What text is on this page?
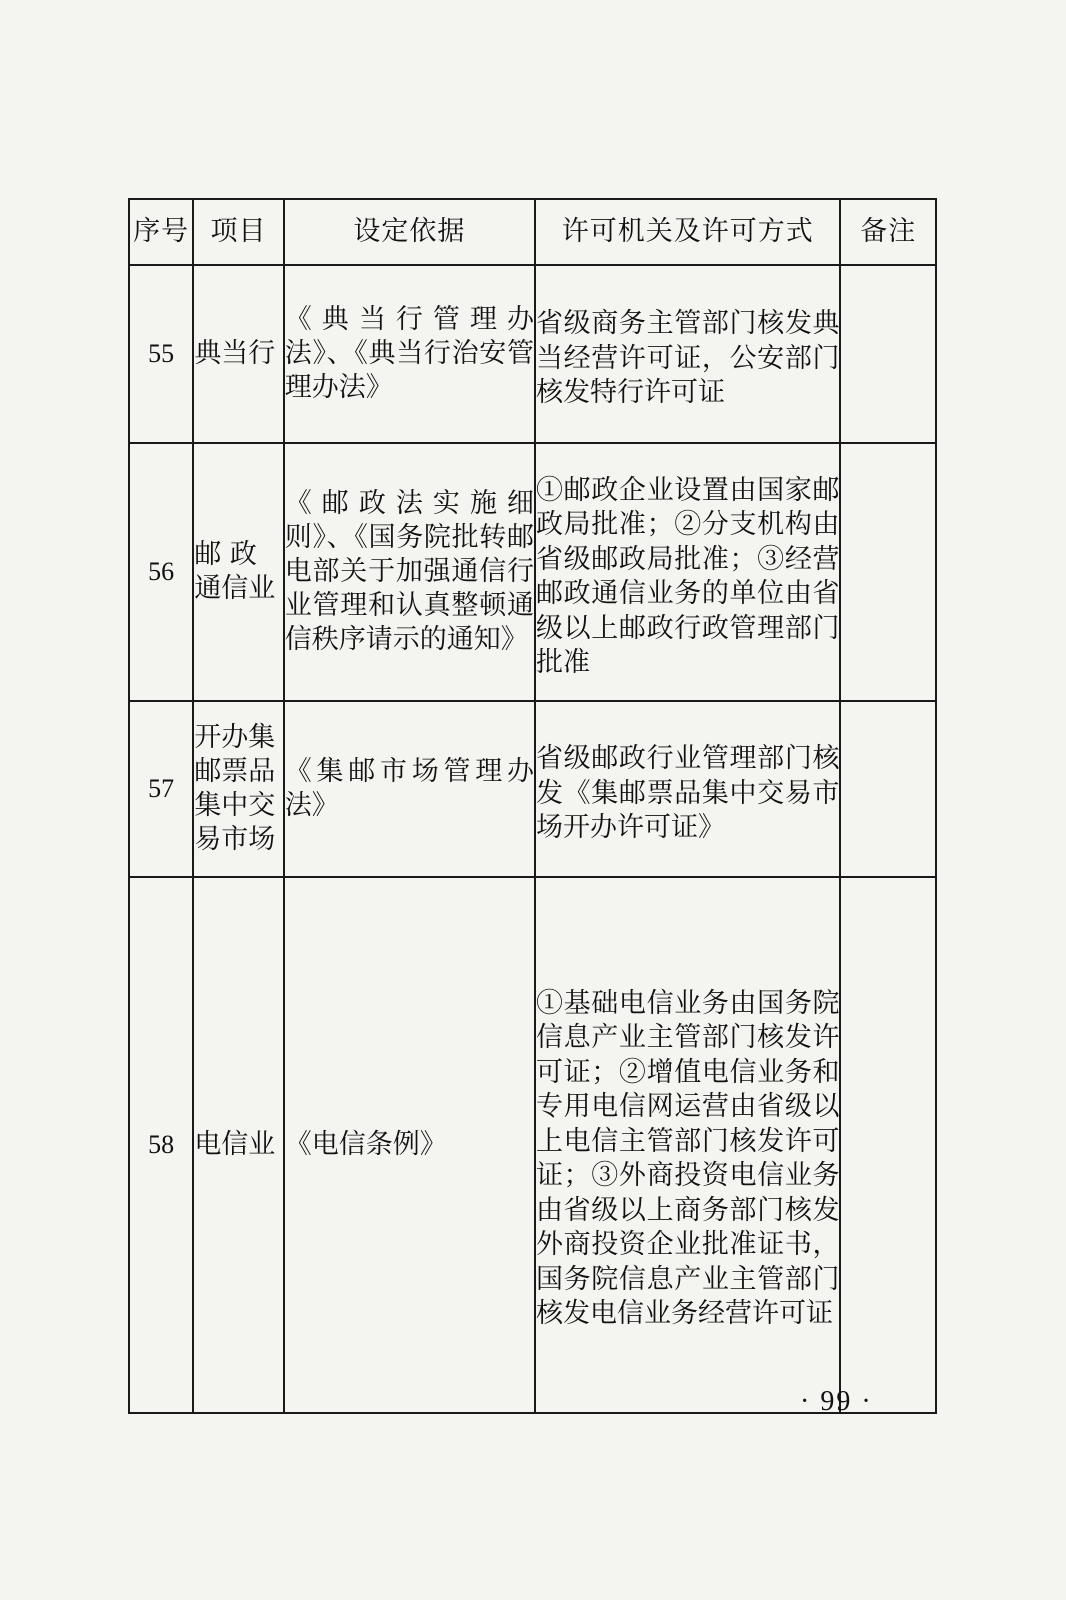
序号	项目	设定依据	许可机关及许可方式	备注
55	典当行	《典当行管理办法》、《典当行治安管理办法》	省级商务主管部门核发典当经营许可证，公安部门核发特行许可证	
56	邮 政 通信业	《邮政法实施细则》、《国务院批转邮电部关于加强通信行业管理和认真整顿通信秩序请示的通知》	①邮政企业设置由国家邮政局批准；②分支机构由省级邮政局批准；③经营邮政通信业务的单位由省级以上邮政行政管理部门批准	
57	开办集邮票品集中交易市场	《集邮市场管理办法》	省级邮政行业管理部门核发《集邮票品集中交易市场开办许可证》	
58	电信业	《电信条例》	①基础电信业务由国务院信息产业主管部门核发许可证；②增值电信业务和专用电信网运营由省级以上电信主管部门核发许可证；③外商投资电信业务由省级以上商务部门核发外商投资企业批准证书，国务院信息产业主管部门核发电信业务经营许可证	
· 99 ·
